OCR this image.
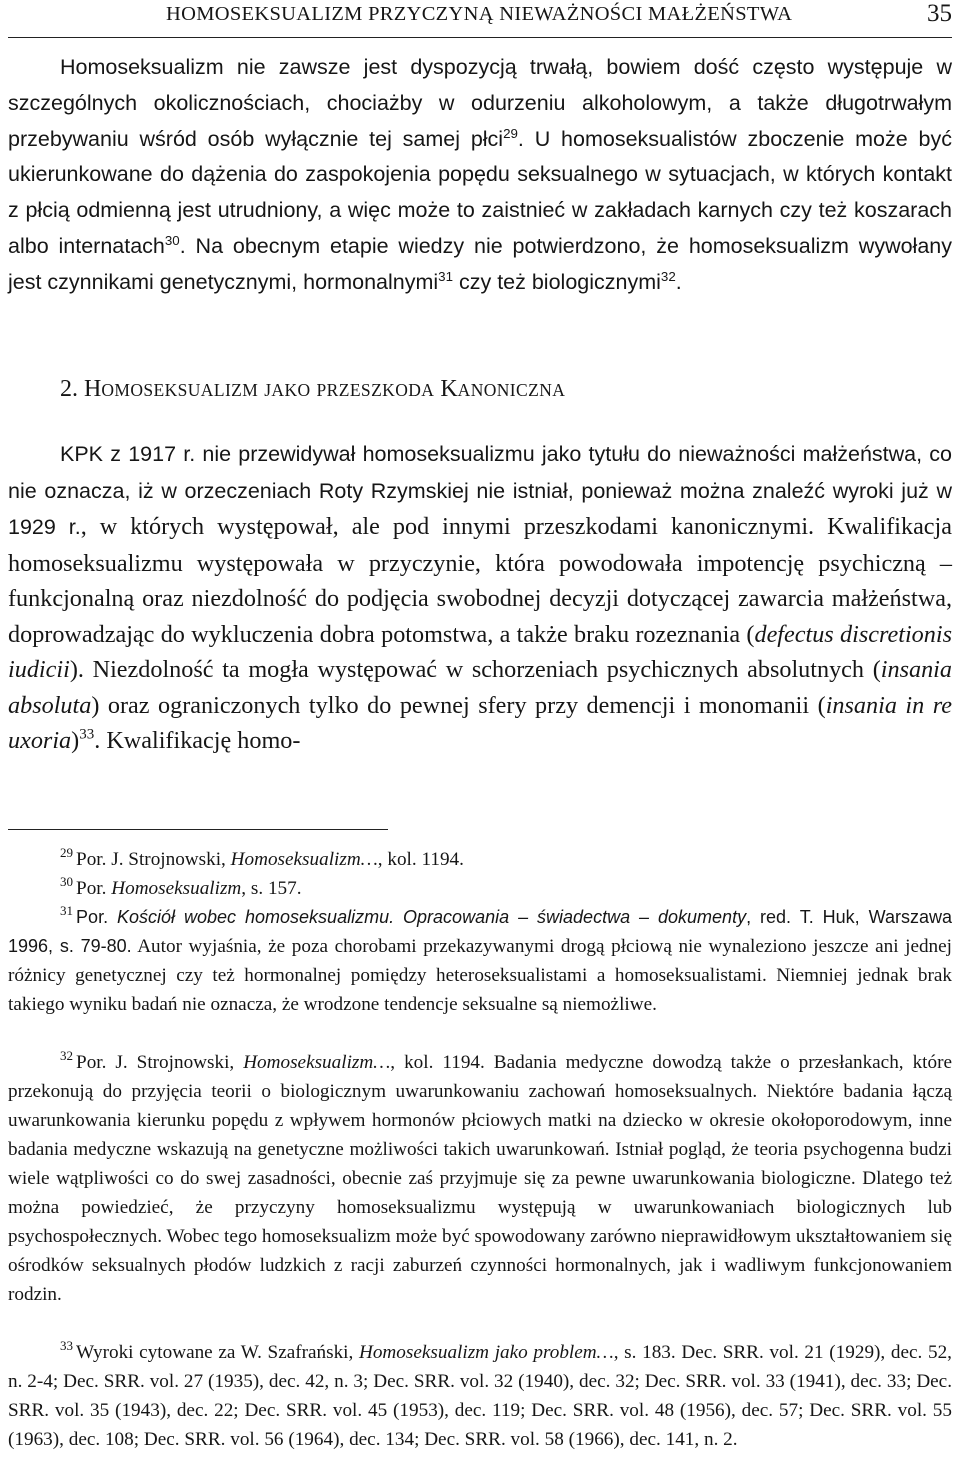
HOMOSEKSUALIZM PRZYCZYNĄ NIEWAŻNOŚCI MAŁŻEŃSTWA	35

Homoseksualizm nie zawsze jest dyspozycją trwałą, bowiem dość często występuje w szczególnych okolicznościach, chociażby w odurzeniu alkoholowym, a także długotrwałym przebywaniu wśród osób wyłącznie tej samej płci$^{29}$. U homoseksualistów zboczenie może być ukierunkowane do dążenia do zaspokojenia popędu seksualnego w sytuacjach, w których kontakt z płcią odmienną jest utrudniony, a więc może to zaistnieć w zakładach karnych czy też koszarach albo internatach$^{30}$. Na obecnym etapie wiedzy nie potwierdzono, że homoseksualizm wywołany jest czynnikami genetycznymi, hormonalnymi$^{31}$ czy też biologicznymi$^{32}$.

2. HOMOSEKSUALIZM JAKO PRZESZKODA KANONICZNA

KPK z 1917 r. nie przewidywał homoseksualizmu jako tytułu do nieważności małżeństwa, co nie oznacza, iż w orzeczeniach Roty Rzymskiej nie istniał, ponieważ można znaleźć wyroki już w 1929 r., w których występował, ale pod innymi przeszkodami kanonicznymi. Kwalifikacja homoseksualizmu występowała w przyczynie, która powodowała impotencję psychiczną – funkcjonalną oraz niezdolność do podjęcia swobodnej decyzji dotyczącej zawarcia małżeństwa, doprowadzając do wykluczenia dobra potomstwa, a także braku rozeznania (defectus discretionis iudicii). Niezdolność ta mogła występować w schorzeniach psychicznych absolutnych (insania absoluta) oraz ograniczonych tylko do pewnej sfery przy demencji i monomanii (insania in re uxoria)$^{33}$. Kwalifikację homo-

$^{29}$ Por. J. Strojnowski, Homoseksualizm…, kol. 1194.

$^{30}$ Por. Homoseksualizm, s. 157.

$^{31}$ Por. Kościół wobec homoseksualizmu. Opracowania – świadectwa – dokumenty, red. T. Huk, Warszawa 1996, s. 79-80. Autor wyjaśnia, że poza chorobami przekazywanymi drogą płciową nie wynaleziono jeszcze ani jednej różnicy genetycznej czy też hormonalnej pomiędzy heteroseksualistami a homoseksualistami. Niemniej jednak brak takiego wyniku badań nie oznacza, że wrodzone tendencje seksualne są niemożliwe.

$^{32}$ Por. J. Strojnowski, Homoseksualizm…, kol. 1194. Badania medyczne dowodzą także o przesłankach, które przekonują do przyjęcia teorii o biologicznym uwarunkowaniu zachowań homoseksualnych. Niektóre badania łączą uwarunkowania kierunku popędu z wpływem hormonów płciowych matki na dziecko w okresie okołoporodowym, inne badania medyczne wskazują na genetyczne możliwości takich uwarunkowań. Istniał pogląd, że teoria psychogenna budzi wiele wątpliwości co do swej zasadności, obecnie zaś przyjmuje się za pewne uwarunkowania biologiczne. Dlatego też można powiedzieć, że przyczyny homoseksualizmu występują w uwarunkowaniach biologicznych lub psychospołecznych. Wobec tego homoseksualizm może być spowodowany zarówno nieprawidłowym ukształtowaniem się ośrodków seksualnych płodów ludzkich z racji zaburzeń czynności hormonalnych, jak i wadliwym funkcjonowaniem rodzin.

$^{33}$ Wyroki cytowane za W. Szafrański, Homoseksualizm jako problem…, s. 183. Dec. SRR. vol. 21 (1929), dec. 52, n. 2-4; Dec. SRR. vol. 27 (1935), dec. 42, n. 3; Dec. SRR. vol. 32 (1940), dec. 32; Dec. SRR. vol. 33 (1941), dec. 33; Dec. SRR. vol. 35 (1943), dec. 22; Dec. SRR. vol. 45 (1953), dec. 119; Dec. SRR. vol. 48 (1956), dec. 57; Dec. SRR. vol. 55 (1963), dec. 108; Dec. SRR. vol. 56 (1964), dec. 134; Dec. SRR. vol. 58 (1966), dec. 141, n. 2.
